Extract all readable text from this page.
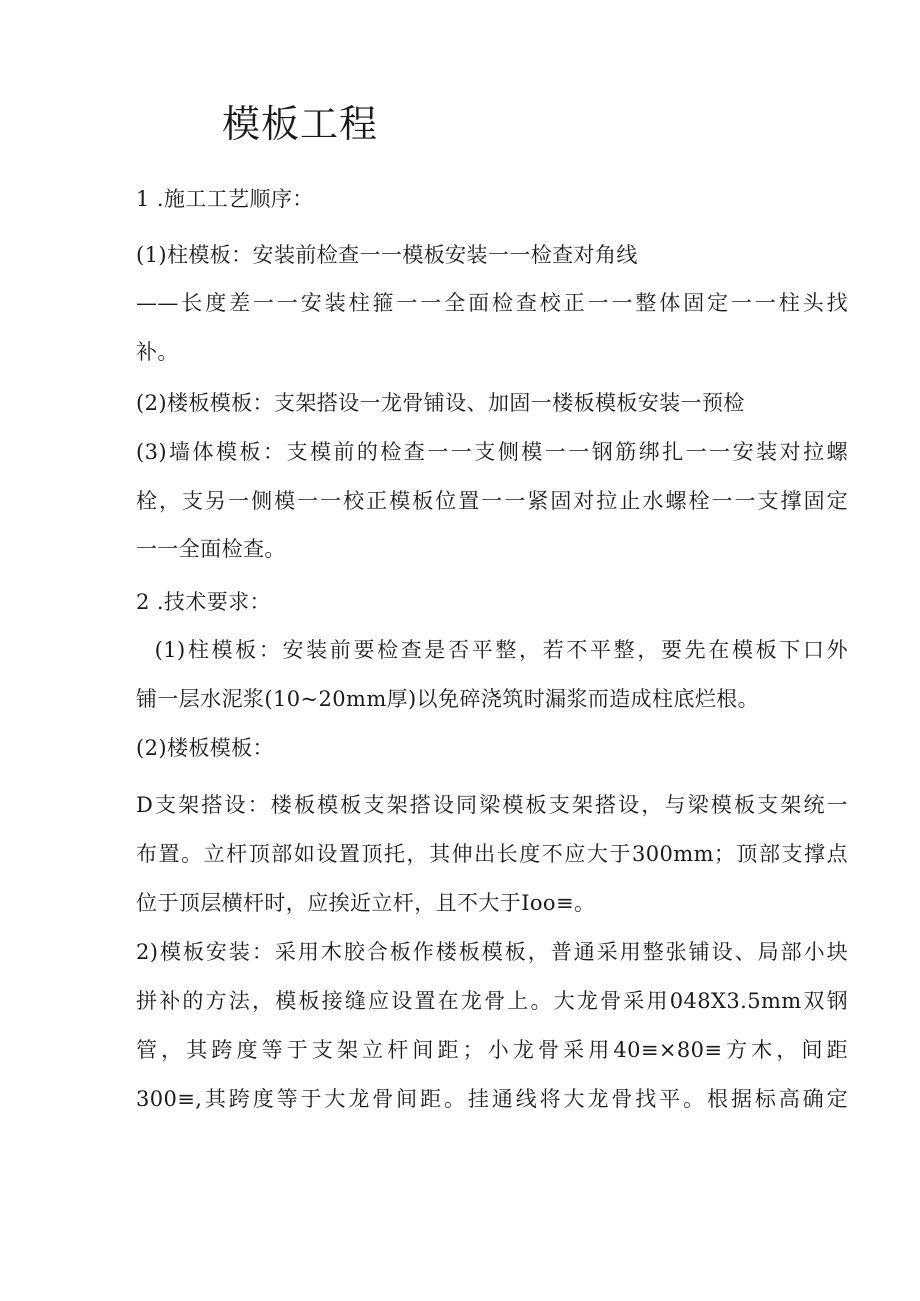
模板工程
1 .施工工艺顺序：
(1)柱模板：安装前检查一一模板安装一一检查对角线
——长度差一一安装柱箍一一全面检查校正一一整体固定一一柱头找
补。
(2)楼板模板：支架搭设一龙骨铺设、加固一楼板模板安装一预检
(3)墙体模板：支模前的检查一一支侧模一一钢筋绑扎一一安装对拉螺
栓，支另一侧模一一校正模板位置一一紧固对拉止水螺栓一一支撑固定
一一全面检查。
2 .技术要求：
(1)柱模板：安装前要检查是否平整，若不平整，要先在模板下口外
铺一层水泥浆(10~20mm厚)以免碎浇筑时漏浆而造成柱底烂根。
(2)楼板模板：
D支架搭设：楼板模板支架搭设同梁模板支架搭设，与梁模板支架统一
布置。立杆顶部如设置顶托，其伸出长度不应大于300mm；顶部支撑点
位于顶层横杆时，应挨近立杆，且不大于Ioo≡。
2)模板安装：采用木胶合板作楼板模板，普通采用整张铺设、局部小块
拼补的方法，模板接缝应设置在龙骨上。大龙骨采用048X3.5mm双钢
管，其跨度等于支架立杆间距；小龙骨采用40≡×80≡方木，间距
300≡,其跨度等于大龙骨间距。挂通线将大龙骨找平。根据标高确定
